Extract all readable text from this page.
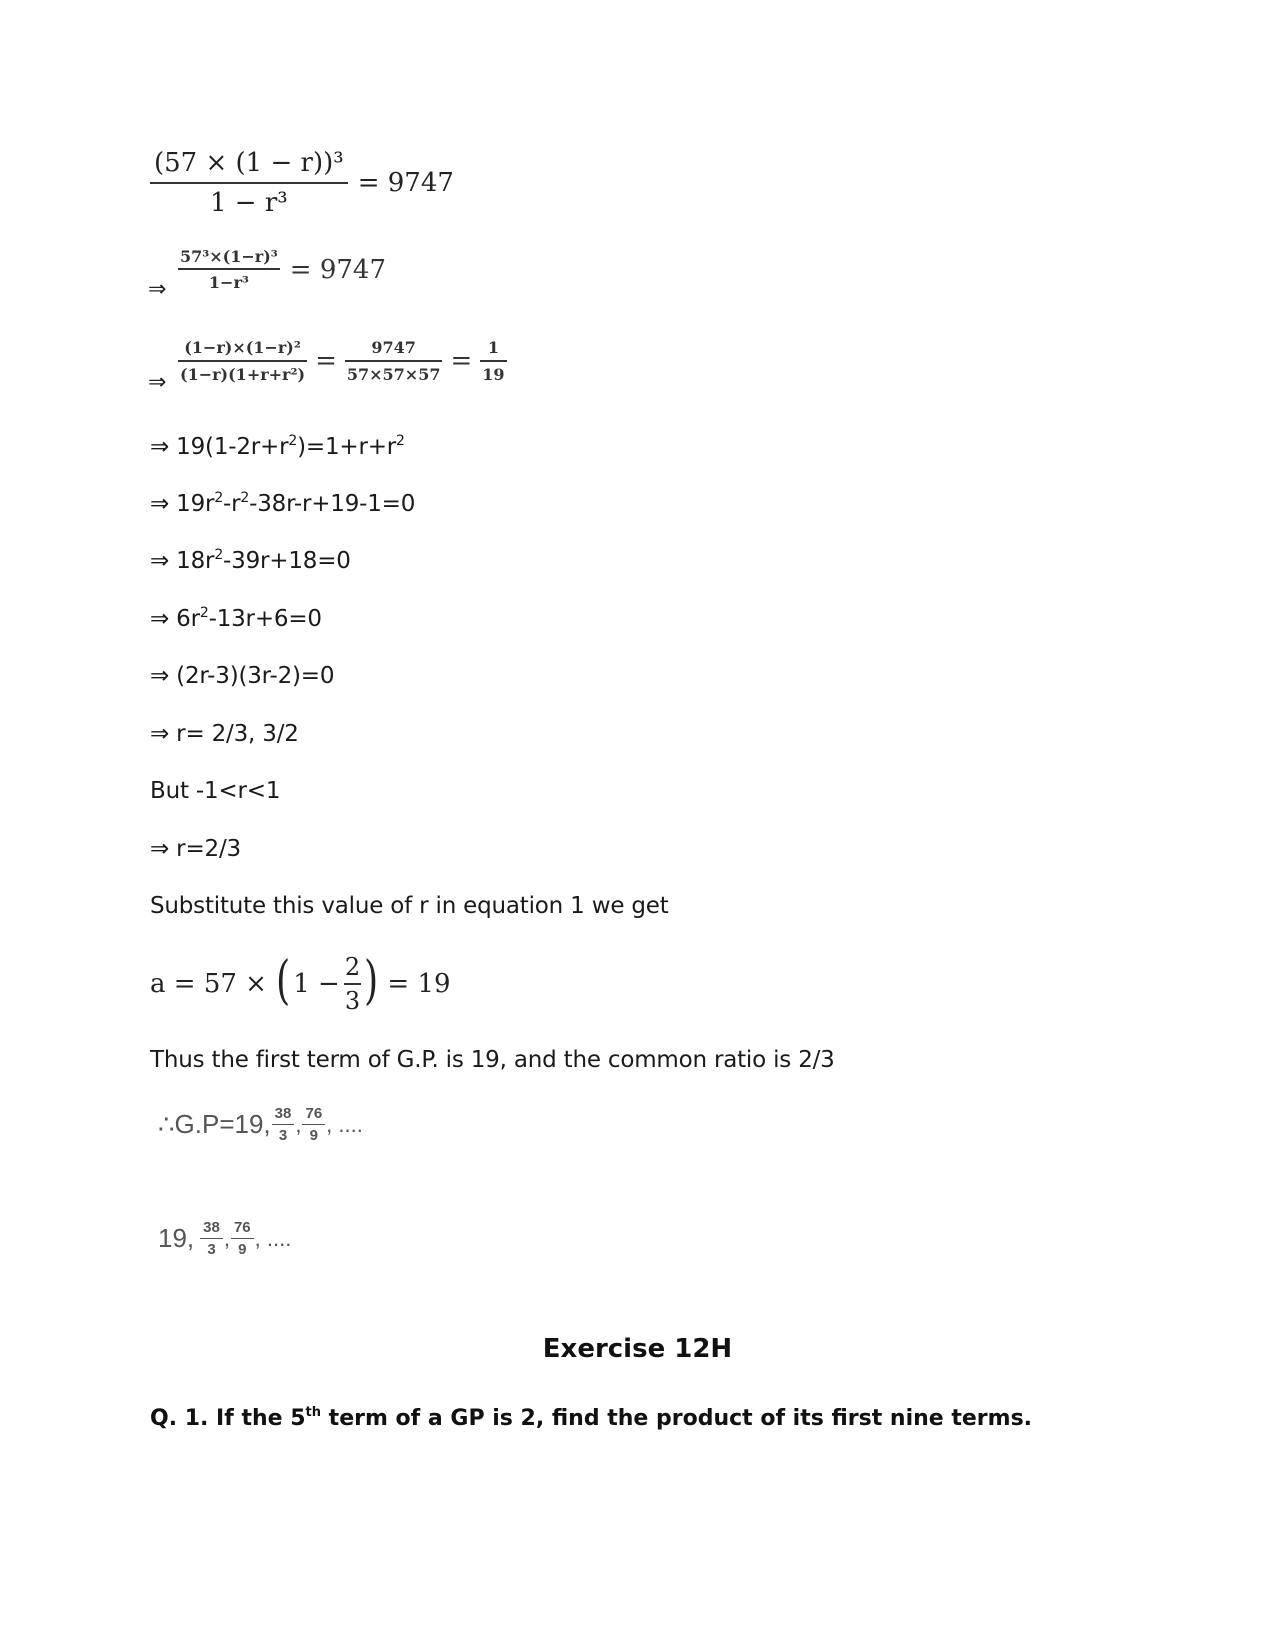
$\frac{\text{(57 × (1 − r))³}}{\text{1 − r³}} = 9747$
⇒ $\frac{\text{57³×(1−r)³}}{\text{1−r³}} = 9747$
⇒ $\frac{\text{(1−r)×(1−r)²}}{\text{(1−r)(1+r+r²)}} = \frac{9747}{57\times 57\times 57} = \frac{1}{19}$
⇒ $19(1-2r+r^2)=1+r+r^2$
⇒ $19r^2-r^2-38r-r+19-1=0$
⇒ $18r^2-39r+18=0$
⇒ $6r^2-13r+6=0$
⇒ (2r-3)(3r-2)=0
⇒ r= 2/3, 3/2
But -1<r<1
⇒ r=2/3
Substitute this value of r in equation 1 we get
a = 57 × ( $1 - \frac{2}{3}$ ) = 19
Thus the first term of G.P. is 19, and the common ratio is 2/3
∴G.P=19, $\frac{38}{3}$ , $\frac{76}{9}$ , ....
19, $\frac{38}{3}$ , $\frac{76}{9}$ , ....
Exercise 12H
Q. 1. If the 5th term of a GP is 2, find the product of its first nine terms.
